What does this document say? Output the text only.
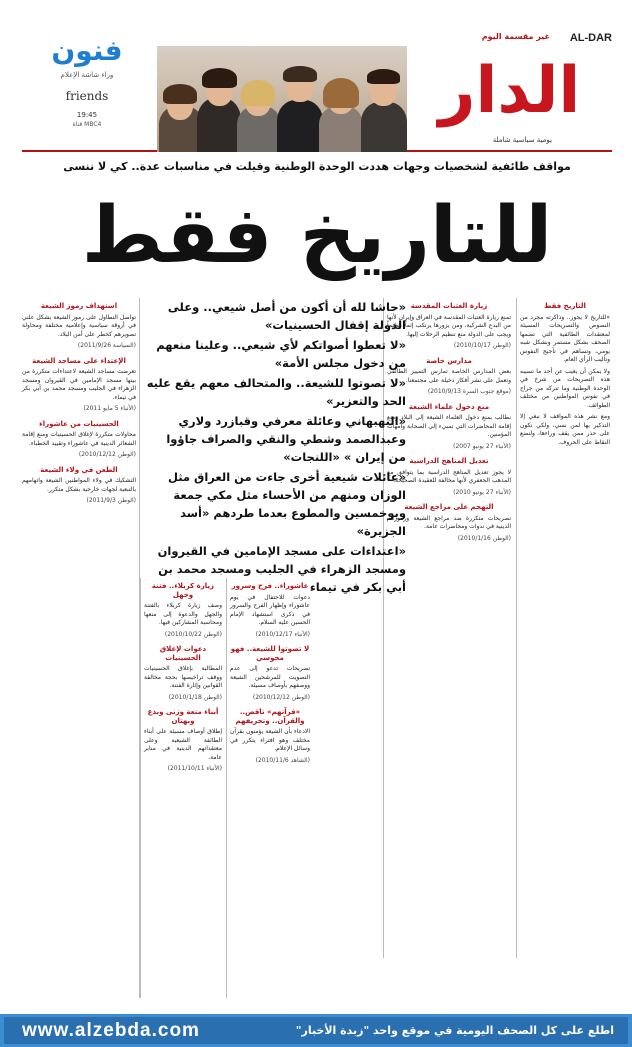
فنون
وراء شاشة الإعلام
friends
19:45
قناة MBC4
AL-DAR
غير مقسمة اليوم
الدار
يومية سياسية شاملة
مواقف طائفية لشخصيات وجهات هددت الوحدة الوطنية وقيلت في مناسبات عدة.. كي لا ننسى
للتاريخ فقط
التاريخ فقط

«للتاريخ لا يجوز.. وذاكرته مجرد من النصوص والتصريحات المسيئة لمعتقدات الطائفية التي تضمها الصحف بشكل مستمر وبشكل شبه يومي، وتساهم في تأجيج النفوس وتأليب الرأي العام.

ولا يمكن أن يغيب عن أحد ما تسببه هذه التصريحات من شرخ في الوحدة الوطنية وما تتركه من جراح في نفوس المواطنين من مختلف الطوائف.

ومع نشر هذه المواقف لا نبغي إلا التذكير بها لمن نسي، ولكي نكون على حذر ممن يقف وراءها، ولنضع النقاط على الحروف.

زيارة العتبات المقدسة

تمنع زيارة العتبات المقدسة في العراق وإيران لأنها من البدع الشركية، ومن يزورها يرتكب إثماً عظيماً ويجب على الدولة منع تنظيم الرحلات إليها.

(الوطن 2010/10/17)

مدارس خاصة

بعض المدارس الخاصة تمارس التمييز الطائفي وتعمل على نشر أفكار دخيلة على مجتمعنا.

(موقع جنوب السرة 2010/9/13)

منع دخول علماء الشيعة

نطالب بمنع دخول العلماء الشيعة إلى البلاد ومنع إقامة المحاضرات التي تسيء إلى الصحابة وأمهات المؤمنين.

(الأنباء 27 يونيو 2007)

تعديل المناهج الدراسية

لا يجوز تعديل المناهج الدراسية بما يتوافق مع المذهب الجعفري لأنها مخالفة للعقيدة الصحيحة.

(الأنباء 27 يونيو 2010)

التهجم على مراجع الشيعة

تصريحات متكررة ضد مراجع الشيعة ورموزهم الدينية في ندوات ومحاضرات عامة.

(الوطن 2010/1/16)

« حاشا لله أن أكون من أصل شيعي.. وعلى الدولة إقفال الحسينيات»

« لا تعطوا أصواتكم لأي شيعي.. وعلينا منعهم من دخول مجلس الأمة»

« لا تصوتوا للشيعة.. والمتحالف معهم يقع عليه الحد والتعزير»

« البهبهاني وعائلة معرفي وقبازرد ولاري وعبدالصمد وشطي والنقي والصراف جاؤوا من إيران » «اللنجات»

« عائلات شيعية أخرى جاءت من العراق مثل الوزان ومنهم من الأحساء مثل مكي جمعة وبوخمسين والمطوع بعدما طردهم «أسد الجزيرة»

« اعتداءات على مسجد الإمامين في القيروان ومسجد الزهراء في الجليب ومسجد محمد بن أبي بكر في تيماء

عاشوراء.. فرح وسرور

دعوات للاحتفال في يوم عاشوراء وإظهار الفرح والسرور في ذكرى استشهاد الإمام الحسين عليه السلام.

(الأنباء 2010/12/17)

لا تصوتوا للشيعة.. فهو مجوسي

تصريحات تدعو إلى عدم التصويت للمرشحين الشيعة ووصفهم بأوصاف مسيئة.

(الوطن 2010/12/12)

«قرآنهم» ناقص.. والقرآن.. وتحريفهم

الادعاء بأن الشيعة يؤمنون بقرآن مختلف وهو افتراء يتكرر في وسائل الإعلام.

(الشاهد 2010/11/6)

زيارة كربلاء.. فتنة وجهل

وصف زيارة كربلاء بالفتنة والجهل والدعوة إلى منعها ومحاسبة المشاركين فيها.

(الوطن 2010/10/22)

دعوات لإغلاق الحسينيات

المطالبة بإغلاق الحسينيات ووقف تراخيصها بحجة مخالفة القوانين وإثارة الفتنة.

(الوطن 2010/1/18)

أبناء متعة وزنى وبدع وبهتان

إطلاق أوصاف مسيئة على أبناء الطائفة الشيعية وعلى معتقداتهم الدينية في منابر عامة.

(الأنباء 2011/10/11)

استهداف رموز الشيعة

تواصل التطاول على رموز الشيعة بشكل علني في أروقة سياسية وإعلامية مختلفة ومحاولة تصويرهم كخطر على أمن البلاد.

(السياسة 2011/9/26)

الإعتداء على مساجد الشيعة

تعرضت مساجد الشيعة لاعتداءات متكررة من بينها مسجد الإمامين في القيروان ومسجد الزهراء في الجليب ومسجد محمد بن أبي بكر في تيماء.

(الأنباء 5 مايو 2011)

الحسينيات من عاشوراء

محاولات متكررة لإغلاق الحسينيات ومنع إقامة الشعائر الدينية في عاشوراء وتقييد الخطباء.

(الوطن 2010/12/12)

الطعن في ولاء الشيعة

التشكيك في ولاء المواطنين الشيعة واتهامهم بالتبعية لجهات خارجية بشكل متكرر.

(الوطن 2011/9/3)

www.alzebda.com	اطلع على كل الصحف اليومية في موقع واحد "زبدة الأخبار"
